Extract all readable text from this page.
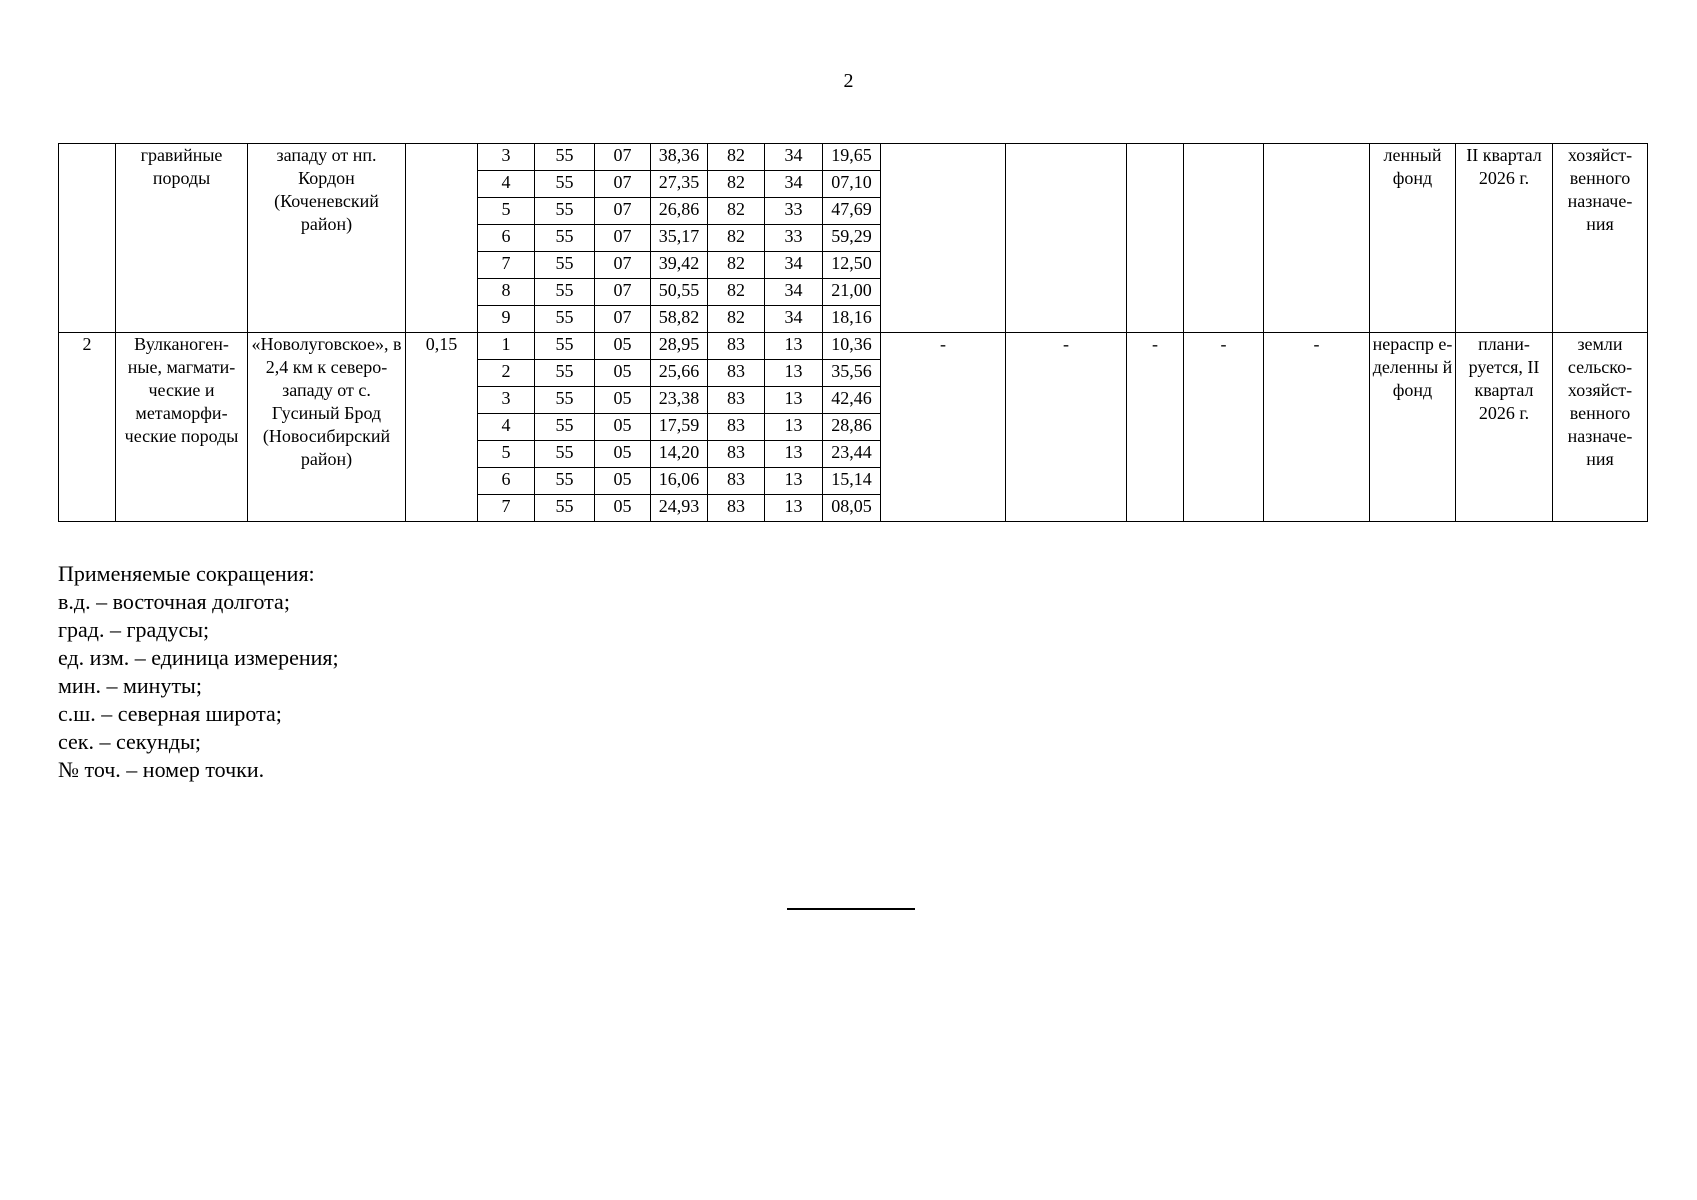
2
	гравийные породы	западу от нп. Кордон (Коченевский район)		3	55	07	38,36	82	34	19,65						ленный фонд	II квартал 2026 г.	хозяйст-венного назначе-ния
				4	55	07	27,35	82	34	07,10								
				5	55	07	26,86	82	33	47,69								
				6	55	07	35,17	82	33	59,29								
				7	55	07	39,42	82	34	12,50								
				8	55	07	50,55	82	34	21,00								
				9	55	07	58,82	82	34	18,16								
2	Вулканоген-ные, магмати-ческие и метаморфи-ческие породы	«Новолуговское», в 2,4 км к северо-западу от с. Гусиный Брод (Новосибирский район)	0,15	1	55	05	28,95	83	13	10,36	-	-	-	-	-	нераспр е-деленны й фонд	плани-руется, II квартал 2026 г.	земли сельско-хозяйст-венного назначе-ния
				2	55	05	25,66	83	13	35,56								
				3	55	05	23,38	83	13	42,46								
				4	55	05	17,59	83	13	28,86								
				5	55	05	14,20	83	13	23,44								
				6	55	05	16,06	83	13	15,14								
				7	55	05	24,93	83	13	08,05								
Применяемые сокращения:
в.д. – восточная долгота;
град. – градусы;
ед. изм. – единица измерения;
мин. – минуты;
с.ш. – северная широта;
сек. – секунды;
№ точ. – номер точки.
